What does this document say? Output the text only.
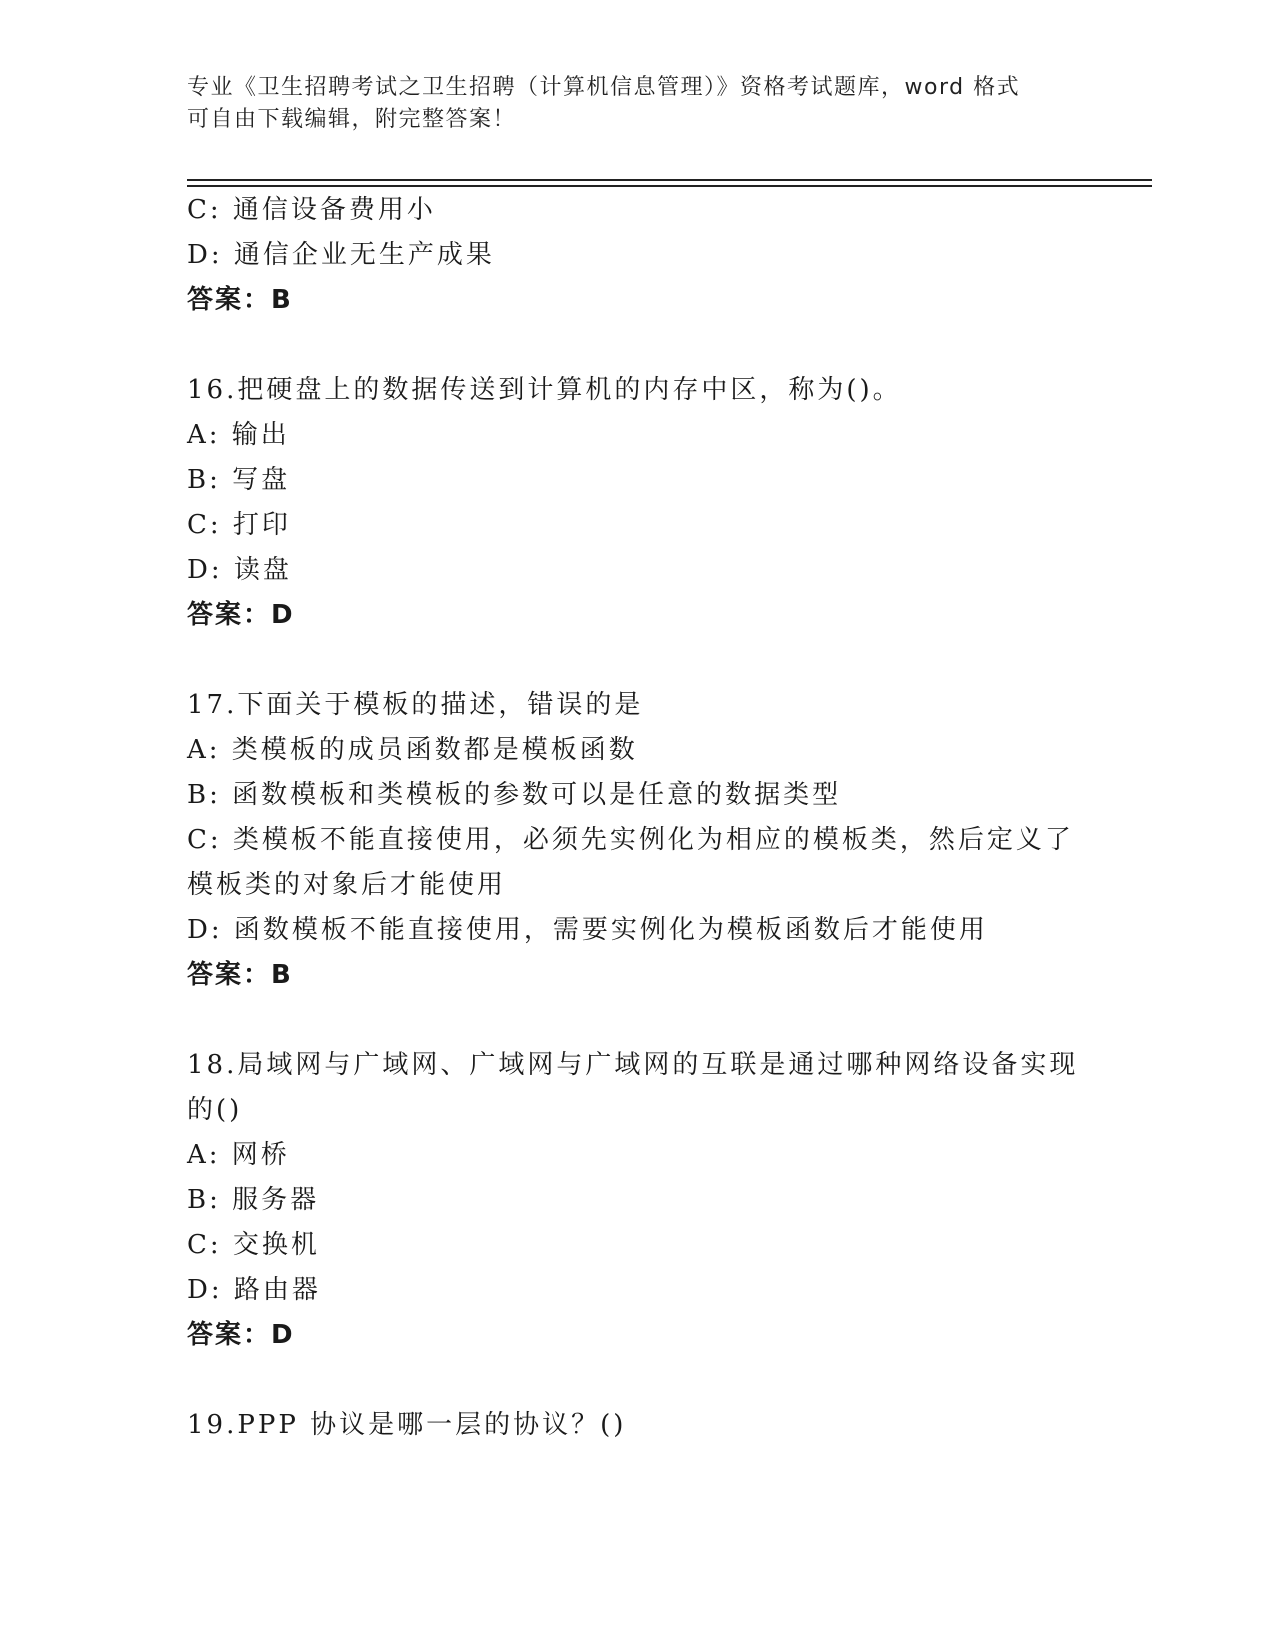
专业《卫生招聘考试之卫生招聘（计算机信息管理）》资格考试题库，word 格式
可自由下载编辑，附完整答案！
C: 通信设备费用小
D: 通信企业无生产成果
答案：B
16.把硬盘上的数据传送到计算机的内存中区，称为()。
A: 输出
B: 写盘
C: 打印
D: 读盘
答案：D
17.下面关于模板的描述，错误的是
A: 类模板的成员函数都是模板函数
B: 函数模板和类模板的参数可以是任意的数据类型
C: 类模板不能直接使用，必须先实例化为相应的模板类，然后定义了
模板类的对象后才能使用
D: 函数模板不能直接使用，需要实例化为模板函数后才能使用
答案：B
18.局域网与广域网、广域网与广域网的互联是通过哪种网络设备实现
的()
A: 网桥
B: 服务器
C: 交换机
D: 路由器
答案：D
19.PPP 协议是哪一层的协议？()
